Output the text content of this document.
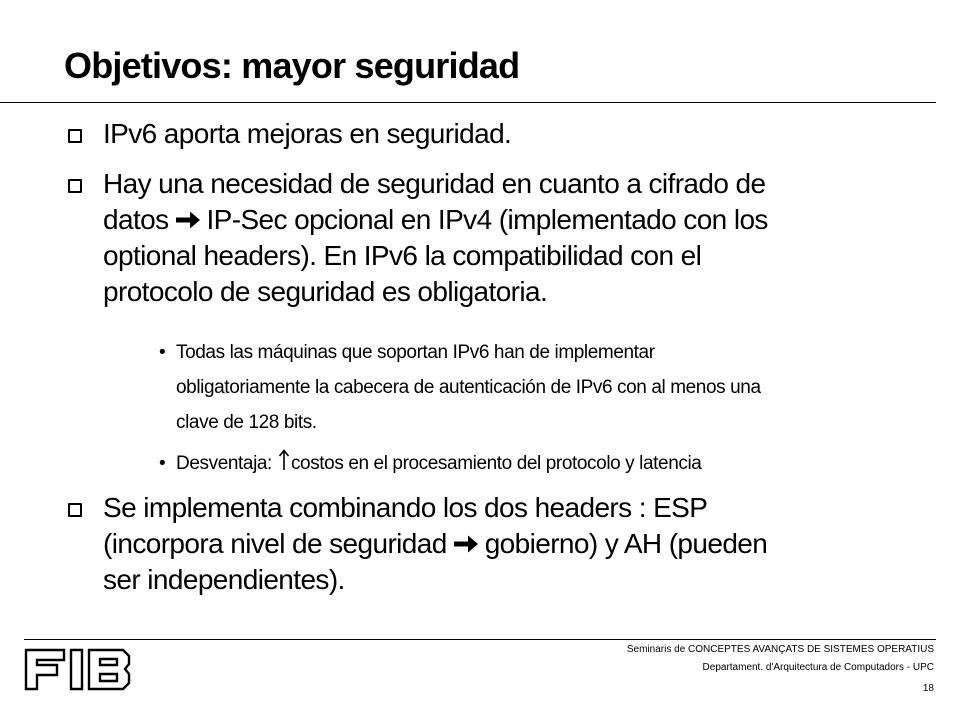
Objetivos: mayor seguridad
IPv6 aporta mejoras en seguridad.
Hay una necesidad de seguridad en cuanto a cifrado de
datos IP-Sec opcional en IPv4 (implementado con los
optional headers). En IPv6 la compatibilidad con el
protocolo de seguridad es obligatoria.
• Todas las máquinas que soportan IPv6 han de implementar
obligatoriamente la cabecera de autenticación de IPv6 con al menos una
clave de 128 bits.
• Desventaja: costos en el procesamiento del protocolo y latencia
Se implementa combinando los dos headers : ESP
(incorpora nivel de seguridad gobierno) y AH (pueden
ser independientes).
Seminaris de CONCEPTES AVANÇATS DE SISTEMES OPERATIUS
Departament. d'Arquitectura de Computadors - UPC
18
